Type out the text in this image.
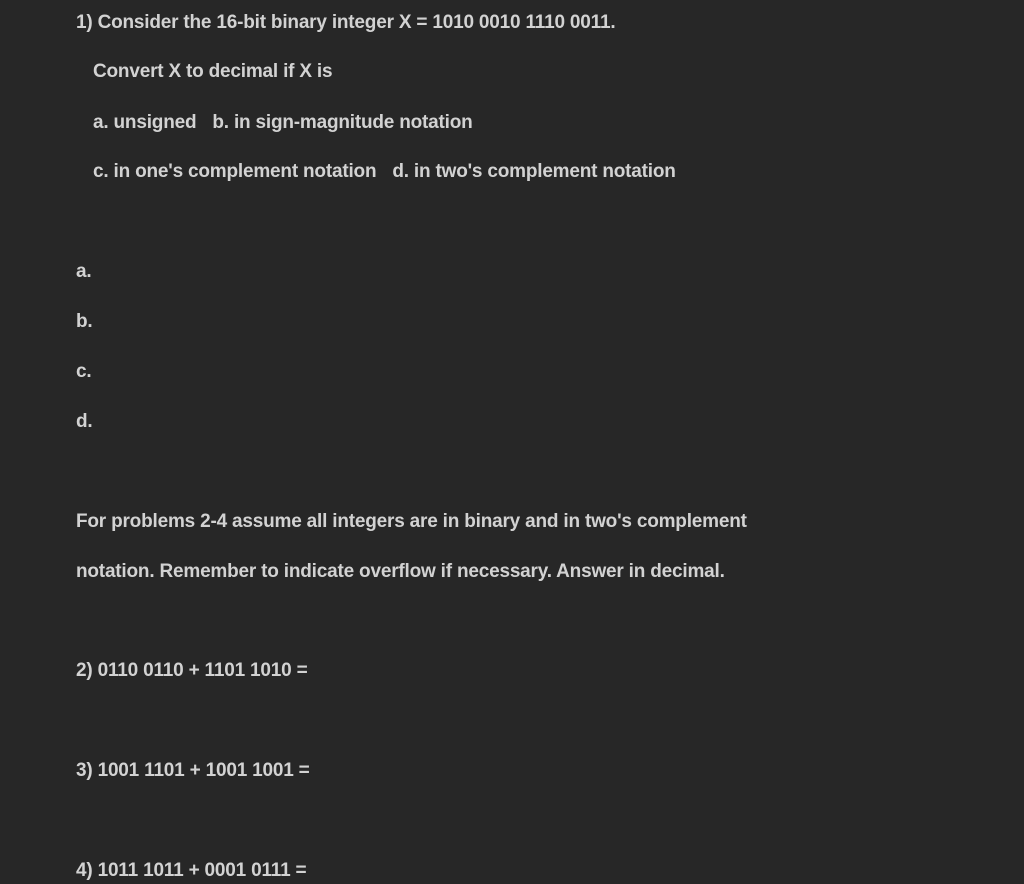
1) Consider the 16-bit binary integer X = 1010 0010 1110 0011.
Convert X to decimal if X is
a. unsigned b. in sign-magnitude notation
c. in one's complement notation d. in two's complement notation
a.
b.
c.
d.
For problems 2-4 assume all integers are in binary and in two's complement
notation. Remember to indicate overflow if necessary. Answer in decimal.
2) 0110 0110 + 1101 1010 =
3) 1001 1101 + 1001 1001 =
4) 1011 1011 + 0001 0111 =
